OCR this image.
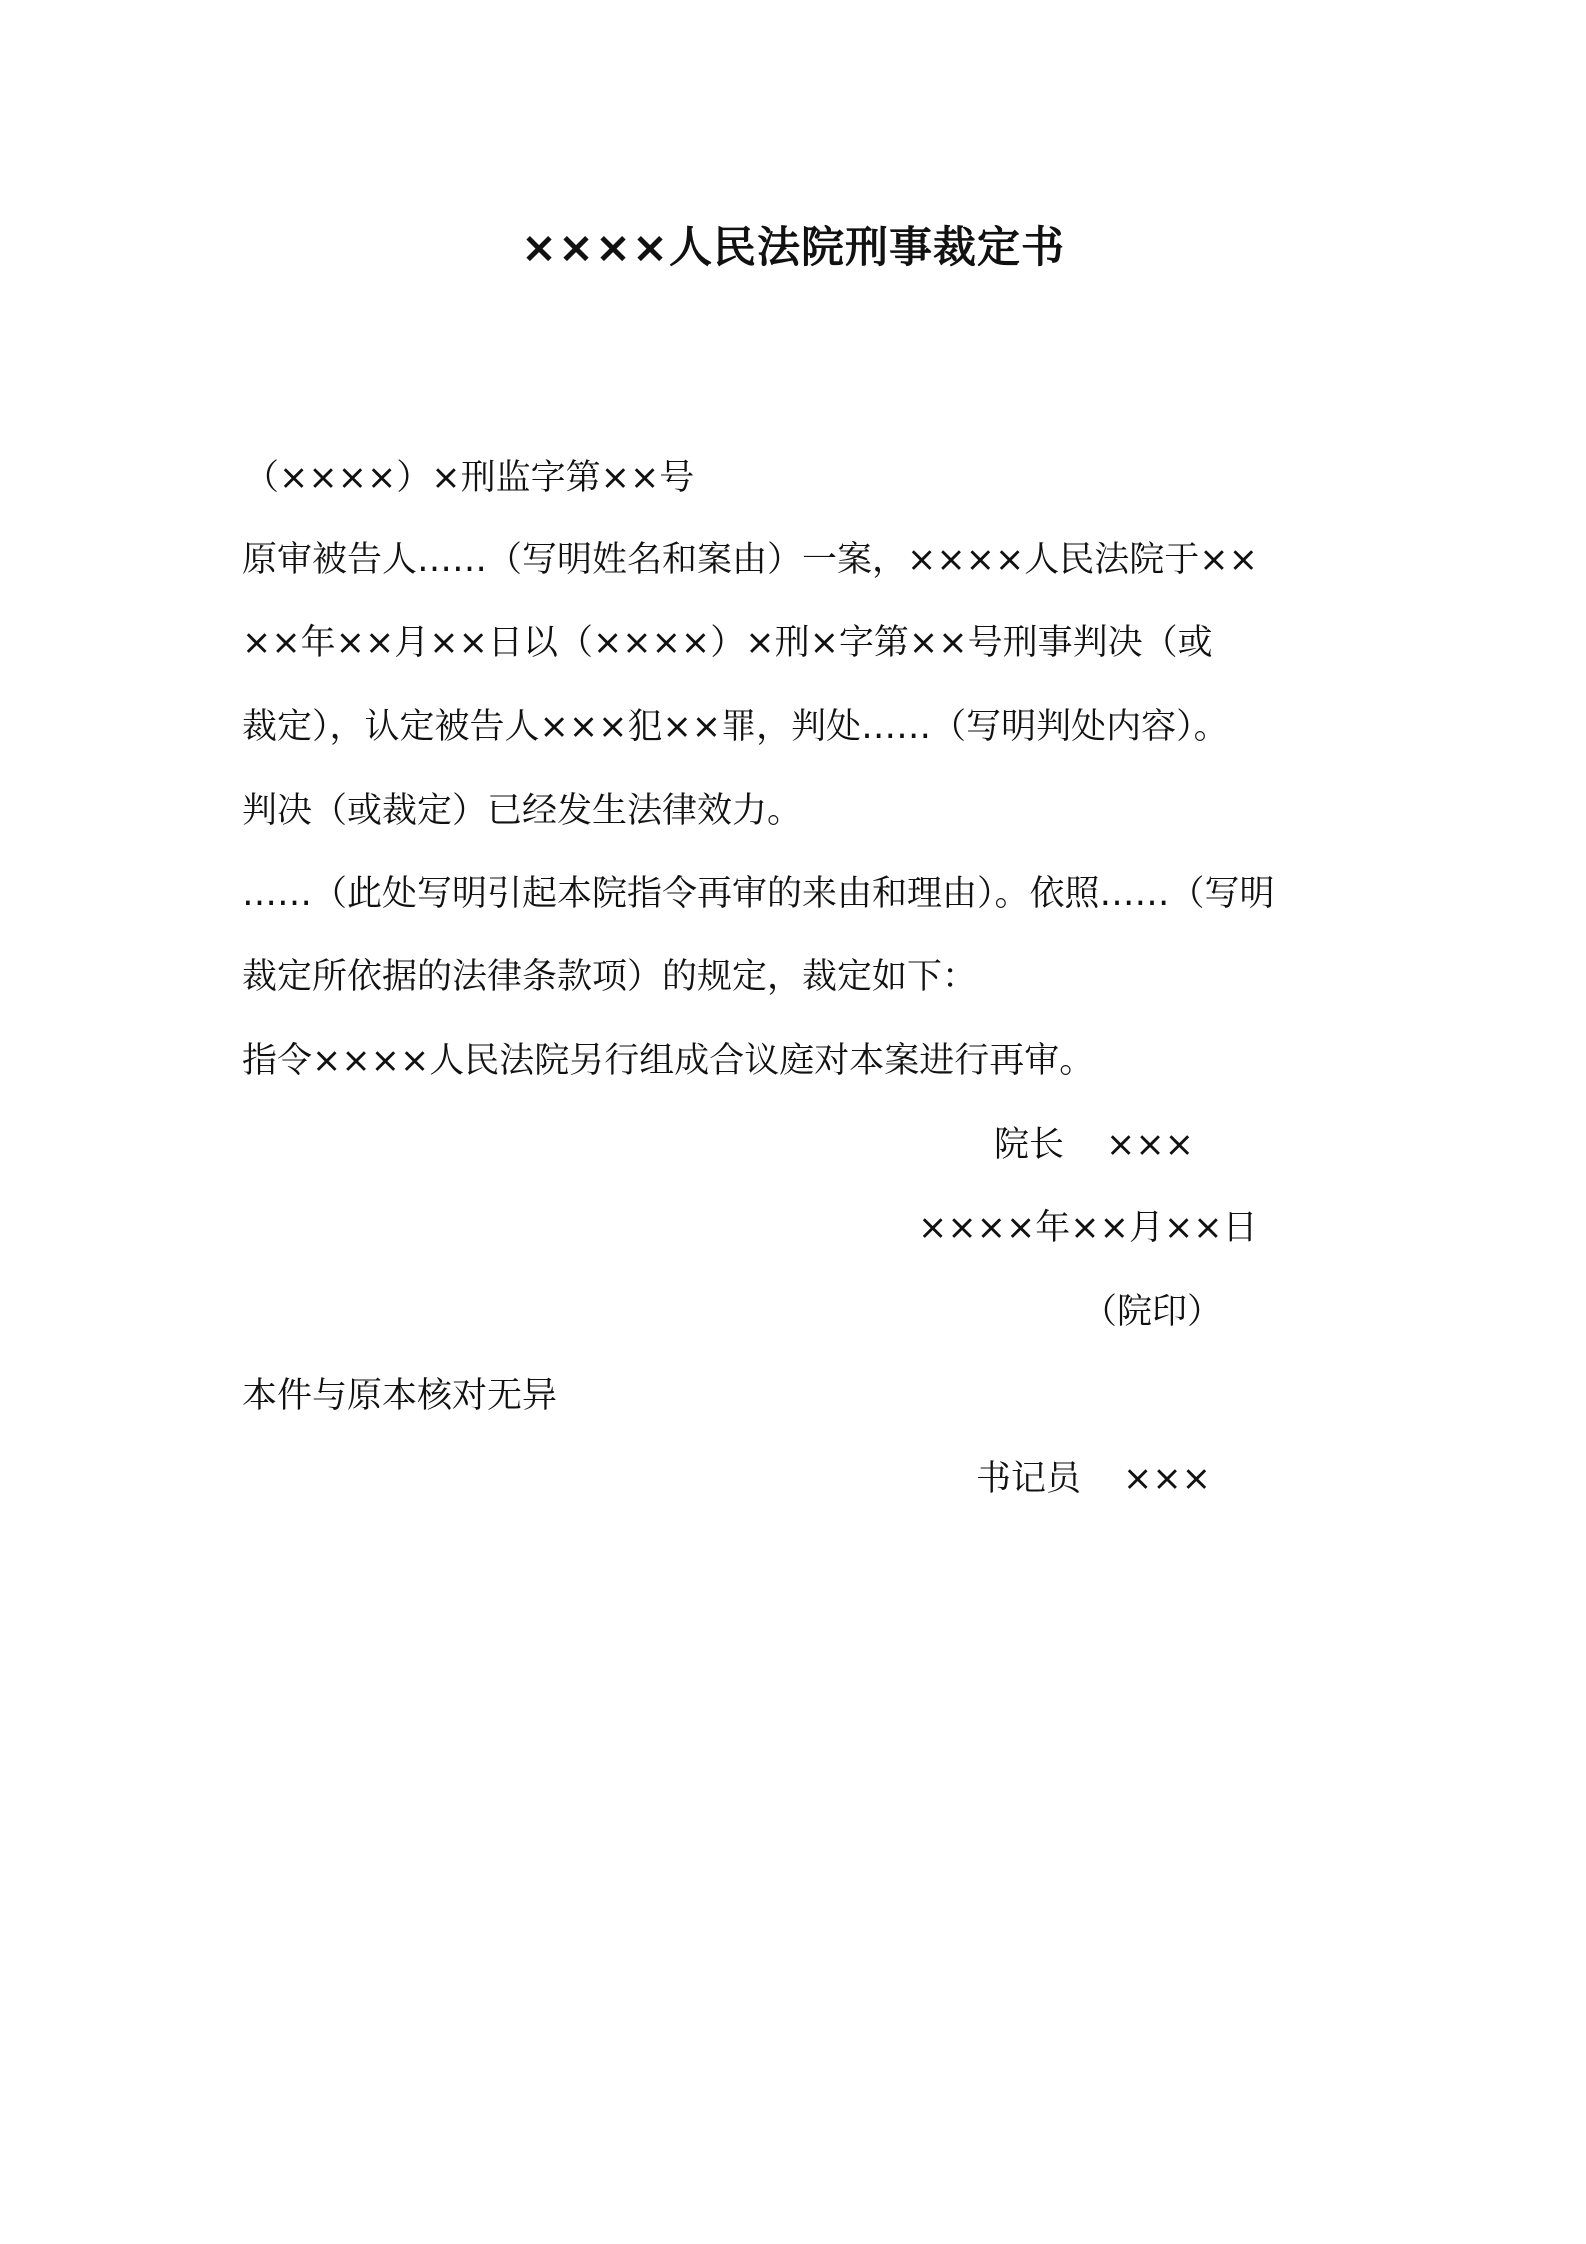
××××人民法院刑事裁定书
（××××）×刑监字第××号
原审被告人……（写明姓名和案由）一案，××××人民法院于××
××年××月××日以（××××）×刑×字第××号刑事判决（或
裁定），认定被告人×××犯××罪，判处……（写明判处内容）。
判决（或裁定）已经发生法律效力。
……（此处写明引起本院指令再审的来由和理由）。依照……（写明
裁定所依据的法律条款项）的规定，裁定如下：
指令××××人民法院另行组成合议庭对本案进行再审。
院长 ×××
××××年××月××日
（院印）
本件与原本核对无异
书记员 ×××
